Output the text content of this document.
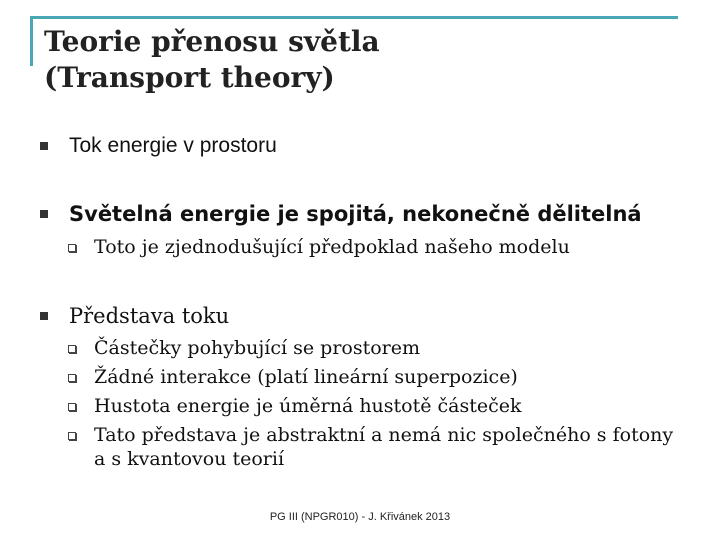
Teorie přenosu světla
(Transport theory)
Tok energie v prostoru
Světelná energie je spojitá, nekonečně dělitelná
Toto je zjednodušující předpoklad našeho modelu
Představa toku
Částečky pohybující se prostorem
Žádné interakce (platí lineární superpozice)
Hustota energie je úměrná hustotě částeček
Tato představa je abstraktní a nemá nic společného s fotony a s kvantovou teorií
PG III (NPGR010) - J. Křivánek 2013
